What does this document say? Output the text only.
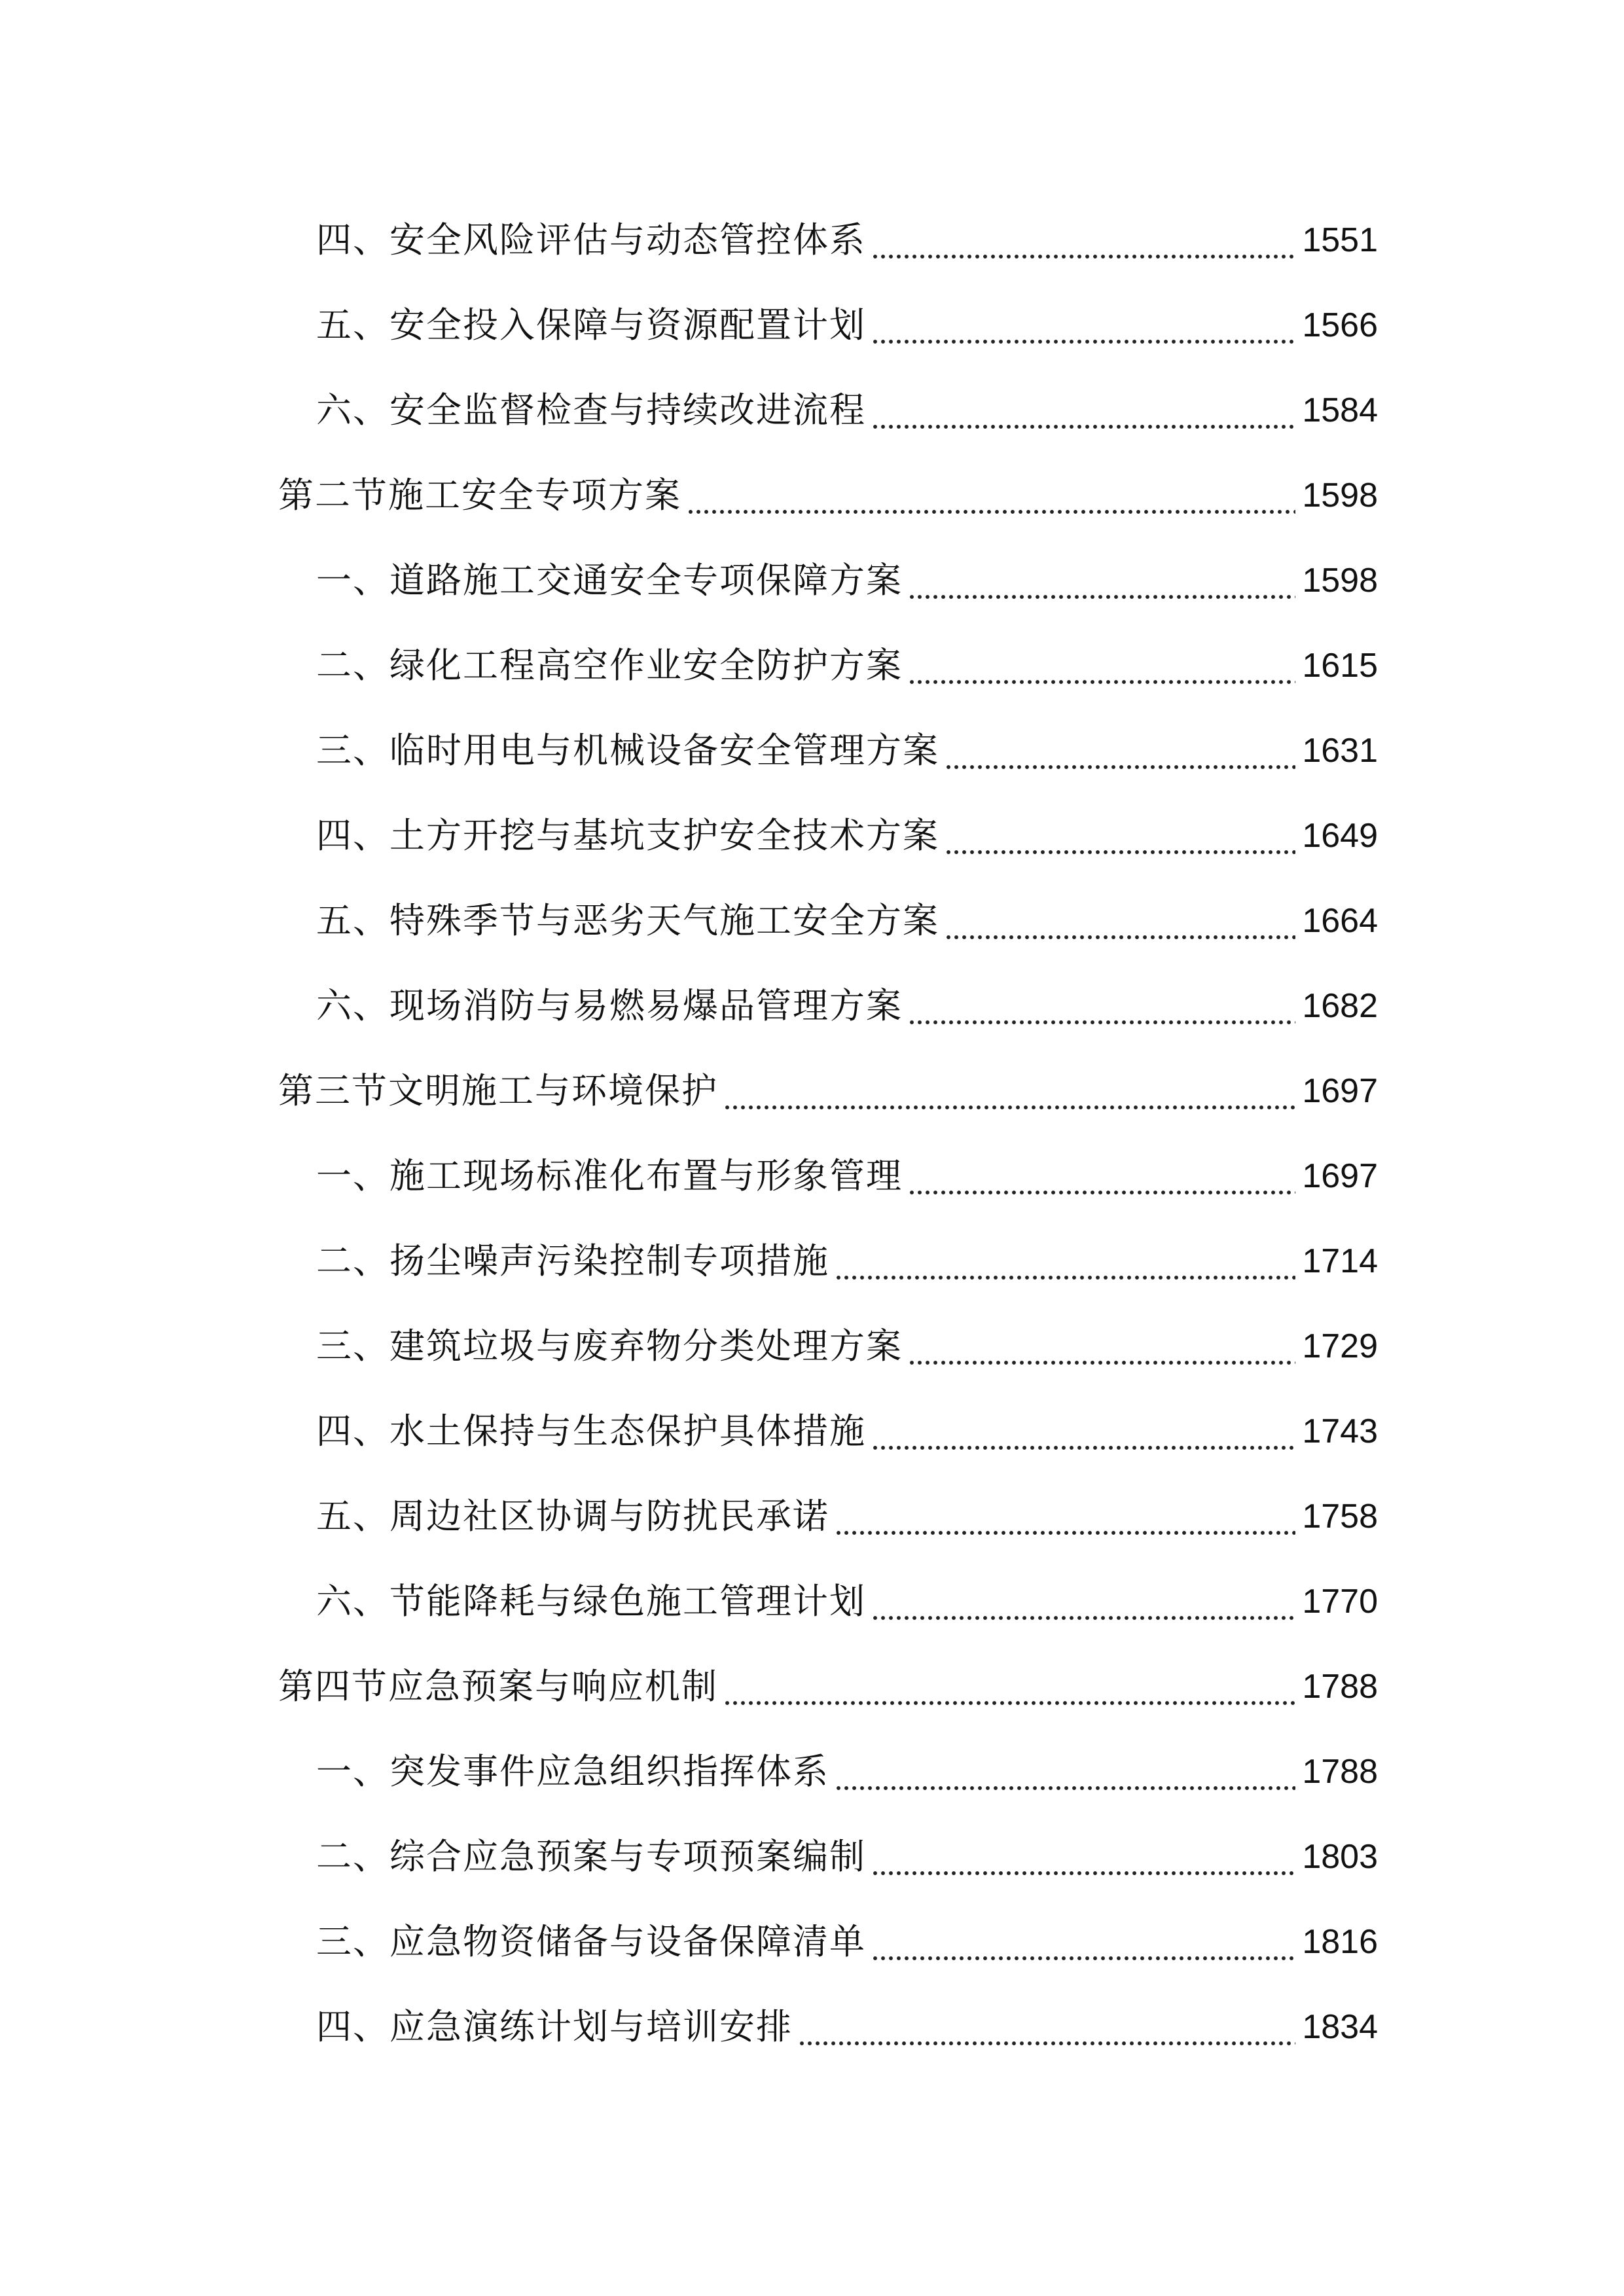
四、安全风险评估与动态管控体系	1551
五、安全投入保障与资源配置计划	1566
六、安全监督检查与持续改进流程	1584
第二节施工安全专项方案	1598
一、道路施工交通安全专项保障方案	1598
二、绿化工程高空作业安全防护方案	1615
三、临时用电与机械设备安全管理方案	1631
四、土方开挖与基坑支护安全技术方案	1649
五、特殊季节与恶劣天气施工安全方案	1664
六、现场消防与易燃易爆品管理方案	1682
第三节文明施工与环境保护	1697
一、施工现场标准化布置与形象管理	1697
二、扬尘噪声污染控制专项措施	1714
三、建筑垃圾与废弃物分类处理方案	1729
四、水土保持与生态保护具体措施	1743
五、周边社区协调与防扰民承诺	1758
六、节能降耗与绿色施工管理计划	1770
第四节应急预案与响应机制	1788
一、突发事件应急组织指挥体系	1788
二、综合应急预案与专项预案编制	1803
三、应急物资储备与设备保障清单	1816
四、应急演练计划与培训安排	1834
